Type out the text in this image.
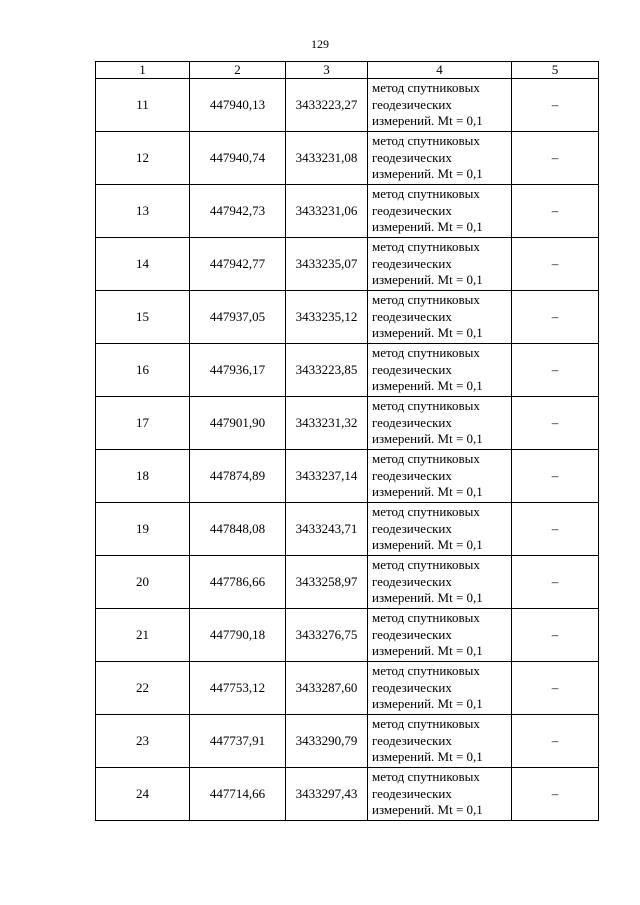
129
1	2	3	4	5
11	447940,13	3433223,27	метод спутниковых
геодезических
измерений. Mt = 0,1	–
12	447940,74	3433231,08	метод спутниковых
геодезических
измерений. Mt = 0,1	–
13	447942,73	3433231,06	метод спутниковых
геодезических
измерений. Mt = 0,1	–
14	447942,77	3433235,07	метод спутниковых
геодезических
измерений. Mt = 0,1	–
15	447937,05	3433235,12	метод спутниковых
геодезических
измерений. Mt = 0,1	–
16	447936,17	3433223,85	метод спутниковых
геодезических
измерений. Mt = 0,1	–
17	447901,90	3433231,32	метод спутниковых
геодезических
измерений. Mt = 0,1	–
18	447874,89	3433237,14	метод спутниковых
геодезических
измерений. Mt = 0,1	–
19	447848,08	3433243,71	метод спутниковых
геодезических
измерений. Mt = 0,1	–
20	447786,66	3433258,97	метод спутниковых
геодезических
измерений. Mt = 0,1	–
21	447790,18	3433276,75	метод спутниковых
геодезических
измерений. Mt = 0,1	–
22	447753,12	3433287,60	метод спутниковых
геодезических
измерений. Mt = 0,1	–
23	447737,91	3433290,79	метод спутниковых
геодезических
измерений. Mt = 0,1	–
24	447714,66	3433297,43	метод спутниковых
геодезических
измерений. Mt = 0,1	–
